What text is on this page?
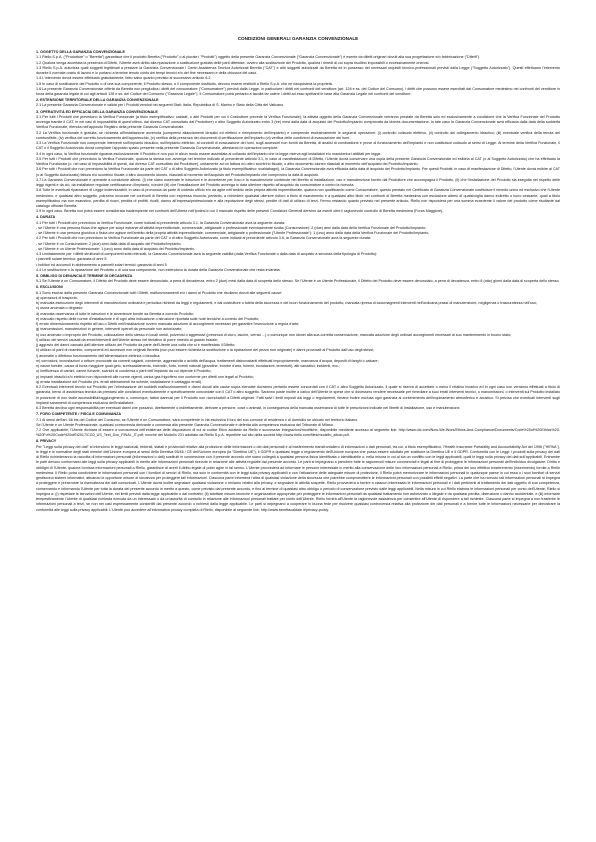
CONDIZIONI GENERALI GARANZIA CONVENZIONALE
1. OGGETTO DELLA GARANZIA CONVENZIONALE
1.1 Riello S.p.A. ("Produttore" o "Beretta") garantisce che il prodotto Beretta ("Prodotto" o al plurale i "Prodotti") oggetto della presente Garanzia Convenzionale ("Garanzia Convenzionale") è esente da difetti originari dovuti alla sua progettazione e/o fabbricazione ("Difetti").
1.2 Qualora venga accertata la presenza di Difetti, l'Utente avrà diritto alla riparazione o sostituzione gratuita delle parti difettose, ovvero alla sostituzione del Prodotto, qualora i rimedi di cui sopra risultino impossibili o eccessivamente onerosi.
1.3 Riello S.p.A. autorizza quali soggetti legittimati a prestare la Garanzia Convenzionale i Centri Assistenza Tecnica Autorizzati Beretta ("CAT") e altri soggetti autorizzati da Beretta ed in possesso dei necessari requisiti tecnico-professionali previsti dalla Legge ("Soggetto Autorizzato"). Questi effettuano l'intervento durante il normale orario di lavoro e lo portano a termine tenuto conto dei tempi tecnici e/o del fine necessario e della chiusura del caso.
1.4 L'intervento dovrà essere effettuato gratuitamente, fatto salvo quanto previsto al successivo articolo 6.2.
1.5 In caso di sostituzione del Prodotto o di una sua componente, il Prodotto stesso, o il componente sostituito, devono essere restituiti a Riello S.p.A. che ne riacquisterà la proprietà.
1.6 La presente Garanzia Convenzionale offerta da Beretta non pregiudica i diritti del consumatore ("Consumatore") previsti dalla Legge, in particolare i diritti nei confronti del venditore (art. 128 e ss. del Codice del Consumo), i diritti che possono essere esercitati dal Consumatore medesimo nei confronti del venditore in forza della garanzia legale di cui agli articoli 128 e ss. del Codice del Consumo ("Garanzia Legale"). Il Consumatore potrà pertanto a facoltà far valere i diritti ad esso spettanti in base alla Garanzia Legale nei confronti del venditore.
2. ESTENSIONE TERRITORIALE DELLA GARANZIA CONVENZIONALE
2.1 La presente Garanzia Convenzionale è valida per i Prodotti venduti nei seguenti Stati: Italia, Repubblica di S. Marino e Stato della Città del Vaticano.
3. OPERATIVITÀ ED EFFICACIA DELLA GARANZIA CONVENZIONALE
3.1 Per tutti i Prodotti che prevedono la Verifica Funzionale (a titolo esemplificativo: caldaie, o altri Prodotti per cui il Costruttore prevede la Verifica Funzionale), la attività oggetto della Garanzia Convenzionale verranno prestate da Beretta solo ed esclusivamente a condizione che la Verifica Funzionale del Prodotto avvenga tramite il CAT, in nei casi di impossibilità di quest'ultimo, dal diverso CAT consultato dal Produttore) o altro Soggetto Autorizzato entro 3 (tre) mesi dalla data di acquisto del Prodotto/Impianto comprovata da idonea documentazione. In tale caso la Garanzia Convenzionale avrà efficacia dalla data della suddetta Verifica Funzionale, ritenuta nell'apposito Registro della presente Garanzia Convenzionale.
3.2 La Verifica funzionale è gratuita, se richiesta all'installazione avvenuta (comprensi allacciamenti idraulici ed elettrici e riempimento dell'impianto) e comprende esclusivamente le seguenti operazioni: (i) controllo collaudo elettrico, (ii) controllo del collegamento idraulico; (iii) eventuale verifica della tenuta del combustibile, (iv) verifica del corretto funzionamento dell'apparecchio, (v) verifica della presenza dei documenti di certificazione dell'impianto (vi) verifica delle condizioni di evacuazione dei fumi.
3.3 La Verifica Funzionale non comprende interventi sull'impianto idraulico, sull'impianto elettrico, ai condotti di evacuazione dei fumi, sugli accessori non forniti da Beretta, di analisi di combustione e prove di funzionamento dell'impianto e non costituisce collaudo ai sensi di Legge. Al termine della Verifica Funzionale, il CAT o il Soggetto Autorizzato dovrà compilare l'apposito spazio presente nella presente Garanzia Convenzionale, attestando le operazioni compiute.
3.4 In ogni caso, la Verifica funzionale riguarda esclusivamente il Prodotto e non può in alcun modo essere assimilata al collaudo dell'impianto che la legge riserva agli installatori e/o manutentori abilitati per legge.
3.5 Per tutti i Prodotti che prevedono la Verifica Funzionale, qualora la stessa non avvenga nel termine indicato al precedente articolo 3.1, in caso di manifestazione di Difetto, l'Utente dovrà conservare una copia della presente Garanzia Convenzionale ed esibirla al CAT (o al Soggetto Autorizzato) che ha effettuato la Verifica Funzionale (o, nel caso di impossibilità di questi, dal diverso CAT consultato dal Produttore), unitamente ad un fattura e/o altro scontrino fiscale, o altro documento idoneo rilasciati al momento dell'acquisto del Prodotto/Impianto.
3.6 Per tutti i Prodotti che non prevedono la Verifica Funzionale da parte del CAT o di altro Soggetto Autorizzato (a titolo esemplificativo: scaldabagni), la Garanzia Convenzionale avrà efficacia dalla data di acquisto del Prodotto/Impianto. Per questi Prodotti, in caso di manifestazione di Difetto, l'Utente dovrà esibire al CAT (o al Soggetto Autorizzato) fattura e/o scontrino fiscale o altro documento idoneo, rilasciati al momento dell'acquisto del Prodotto/Impianto che comprovino la data di acquisto.
3.7 La Garanzia Convenzionale è operante a condizione altresì: (i) che siano osservate le istruzioni e le avvertenze per l'uso e la manutenzione contenute nel libretto di installazione, uso e manutenzione fornito dal Produttore che accompagna il Prodotto, (ii) che l'installazione del Prodotto sia eseguita nel rispetto delle leggi vigenti e da ciò, da installatore regolare certificazione d'impianto, nonché (iii) che l'installazione del Prodotto avvenga in data ulteriore rispetto all'acquisto da consumatore e contro la ricevuta.
3.8 Tutte le eventuali riparazioni di Legge indennizzabili, in caso di pronuncia da parte di codesto ufficio e/o da agire nell'ambito della propria attività imprenditoriale, qualora non qualificando come Consumatore, questo prestato nel Certificato di Garanzia Convenzionale costituisce il rimedio unico ed esclusivo che l'Utente medesimo, e qualsiasi altro soggetto, potranno invocare nei confronti di Beretta con espressa rinuncia, pertanto, a richiedere qualsiasi ulteriore ristoro a titolo di risarcimento e a qualsiasi altro titolo nei confronti di Beretta medesima con esclusione altresì di qualsivoglia danno indiretto o lucro cessante, quali a titolo esemplificativo ma non esaustivo, perdita di ricavi, perdita di profitti, ricalli, danno all'impresa/professionale e alla reputazione degli stessi, perdite di dati di utilizzo di terzi. Fermo restando quanto previsto nel presente articolo, Riello non risponderà per una somma eccedente il valore del prodotto come risultante dal catalogo ufficiale Beretta.
3.9 In ogni caso, Beretta non potrà essere considerata inadempiente nei confronti dell'Utente nell'ipotesi in cui il mancato rispetto delle presenti Condizioni Generali derivino da eventi oltre il ragionevole controllo di Beretta medesima (Forza Maggiore).
4. DURATA
4.1 Per tutti i Prodotti che prevedono la Verifica Funzionale, come indicati al precedente articolo 3.1, la Garanzia Convenzionale avrà la seguente durata:
- se l'Utente è una persona fisica che agisce per scopi estranei all'attività imprenditoriale, commerciale, artigianale o professionale eventualmente svolta (Consumatore): 2 (due) anni dalla data della Verifica Funzionale del Prodotto/Impianto;
- se l'Utente è una persona giuridica o fisica che agisce nell'ambito della propria attività imprenditoriale, commerciale, artigianale o professionale ("Utente Professionale"): 1 (uno) anno dalla data della Verifica Funzionale del Prodotto/Impianto.
4.2 Per tutti i Prodotti che non prevedono la Verifica Funzionale da parte del CAT o di altro Soggetto Autorizzato, come indicati al precedente articolo 3.6, la Garanzia Convenzionale avrà la seguente durata:
- se l'Utente è un Consumatore: 2 (due) anni dalla data di acquisto del Prodotto/Impianto;
- se l'Utente è un Utente Professionale: 1 (uno) anno dalla data di acquisto del Prodotto/Impianto.
4.3 Limitatamente per i difetti strutturali di componenti sotto elencati, la Garanzia Convenzionale avrà la seguente validità (dalla Verifica Funzionale o dalla data di acquisto a seconda della tipologia di Prodotto):
• pannelli solare termico: garanzia di anni 5
• bollitori ed accumuli in abbinamento a pannelli solari termici: garanzia di anni 5
4.4 Le sostituzione o la riparazione del Prodotto o di una sua componente, non estendono la durata della Garanzia Convenzionale che resta invariata.
5. OBBLIGO DI DENUNCIA E TERMINE DI DECADENZA
5.1 Se l'Utente è un Consumatore, il Difetto del Prodotto deve essere denunciato, a pena di decadenza, entro 2 (due) mesi dalla data di scoperta dello stesso. Se l'Utente è un Utente Professionale, il Difetto del Prodotto deve essere denunciato, a pena di decadenza, entro 8 (otto) giorni dalla data di scoperta dello stesso.
6. ESCLUSIONI
6.1 Sono esclusi dalla presente Garanzia Convenzionale tutti i Difetti, malfunzionamenti e/o i danni al Prodotto che risultano dovuti alle seguenti cause:
a) operazioni di trasporto;
b) mancata esecuzione degli interventi di manutenzione ordinaria e periodica richiesti da leggi e regolamenti, e dal costruttore o tutela della sicurezza e del buon funzionamento del prodotto, mancata ripresa di accomagnenti interventi nell'ordinaria prassi di manutenzione, negligenza o trascuratezza nell'uso;
c) usura anomala o degrado;
d) mancata osservanza di tutte le istruzioni e le avvertenze fornite da Beretta a corredo Prodotto;
e) mancato rispetto delle norme d'installazione e di ogni altra indicazione o istruzione riportata sulle note tecniche a corredo del Prodotto;
f) errato dimensionamento rispetto all'uso o Difetti nell'installazione ovvero mancata adozione di accorgimenti necessari per garantire l'esecuzione a regola d'arte;
g) manomissioni, manutenzioni in genere, interventi operati da personale non autorizzato;
h) uso anomalo o improprio del Prodotto, collocazione dello stesso in locali umidi, polverosi o aggressivi (presenza di cloro, lacche, vernici ...) o comunque non idonei alla sua corretta conservazione, mancata adozione degli ordinari accorgimenti necessari al suo mantenimento in buono stato;
i) utilizzo dei servizi causati da errori/interventi dell'Utente stesso nel tentativo di porre rimedio al guasto iniziale;
j) aggravio dei danni causato dall'ulteriore utilizzo del Prodotto da parte dell'Utente una volta che si è manifestato il Difetto;
k) utilizzo di parti di ricambio, componenti ed accessori non originali Beretta (non può essere richiesta la sostituzione o la riparazione del pezzo non originale) e danni provocati al Prodotto dall'uso degli stessi;
l) anomalie o difettoso funzionamento dell'alimentazione elettrica o idraulica;
m) corrosioni, incrostazioni o rotture provocate da correnti vaganti, condense, aggressività o acidità dell'acqua, trattamenti disincrostanti effettuati impropriamente, mancanza d'acqua, depositi di fanghi o calcare;
n) cause fortuite, cause di forza maggiore quali gelo, surriscaldamento, incendio, furto, eventi naturali (grandine, trombe d'aria, fulmini, inondazioni, terremoti), atti vandalici, incidenti, ecc.;
o) inefficienza di camini, canne fumarie, scarichi di condensa o parti dell'impianto da cui dipende il Prodotto;
p) impianti idraulici e/o elettrici non rispondenti alle norme vigenti, carica gas frigorifero non conforme per difetti non legati al Prodotto;
q) errata installazione del Prodotto (es. errati abbinamenti tra schede, installazione e cablaggio errati).
6.2 Eventuali interventi tecnici sul Prodotto per l'eliminazione dei suddetti malfunzionamenti e danni dovuti alle cause sopra elencate dovranno pertanto essere concordati con il CAT o altro Soggetto Autorizzato, il quale si riserva di accettare o meno il relativo incarico ed in ogni caso non verranno effettuati a titolo di garanzia, bensì di assistenza tecnica da prestarsi alle condizioni eventualmente e specificamente concordate con il CAT o altro soggetto. Saranno poste inoltre a carico dell'Utente le spese che si dovessero rendere necessarie per rimediare a suoi errati interventi tecnici, o manomissioni, o interventi sul Prodotto installato in posizione di non facile accessibilità/raggiungimento o, comunque, fattori dannosi per il Prodotto non riconducibili a Difetti originari. Fatti salvi i limiti imposti dai leggi o regolamenti, rimane inoltre esclusa ogni garanzia al contenimento dell'inquinamento atmosferico e acustico. Si precisa che eventuali interventi sugli impianti sanamenti di competenza esclusiva dell'Installatore.
6.3 Beretta declina ogni responsabilità per eventuali danni che possano, direttamente o indirettamente, derivare a persone, cose o animali, in conseguenza della mancata osservanza di tutte le prescrizioni indicate nei libretti di installazione, uso e manutenzione.
7. FORO COMPETENTE / FISCA E COMUNIANZA
7.1 Ai sensi dell'art. 66 bis del Codice del Consumo, se l'Utente è un Consumatore, sarà competente in via esclusiva il foro del suo comune di residenza o di domicilio se ubicato nel territorio italiano.
Se l'Utente è un Utente Professionale, qualsiasi controversia derivante o connessa alla presente Garanzia Convenzionale è deferita alla competenza esclusiva del Tribunale di Milano.
7.2 Ove applicabile, l'Utente dichiara di essere a conoscenza dell'esistenza delle disposizioni di cui al codice Etico adottato da Riello e successive integrazioni/modifiche, disponibile mediante accesso al seguente link: http://www.utc.com/Now-We-Work/Ethics-And-Compliance/Documents/Code%20of%20Ethics%20-%20Fu%20Code%20ofEt2017/CG0_US_Text_Doc_FINAL_IT.pdf; nonché del Modello 231 adottato da Riello S.p.A. reperibile sul sito della società http://www.riello.com/files/modello_attoio.pdf.
8. PRIVACY
Per "Leggi sulla privacy dei dati" si intendono le leggi nazionali, federali, statali e provinciali relative alla protezione delle informazioni o dei dati personali e al trasferimento transfrontaliero di informazioni o dati personali, tra cui, a titolo esemplificativo, l'Health Insurance Portability and Accountability Act del 1996 ("HIPAA"), le leggi e le normative degli stati membri dell'Unione europea ai sensi della Direttiva 95/46 / CE dell'Unione europea (la "Direttiva UE"), il GDPR e qualsiasi legge o regolamento dell'Unione europea che possa essere adottato per sostituire la Direttiva UE e il GDPR. Conformità con le Leggi: i prodotti sulla privacy dei dati di Riello richiederanno la raccolta di informazioni personali (informazioni o dati) sostituiti in connessione con il presente accordo che siano collegati a qualsiasi persona fisica identificata o identificabile o, nella misura in cui al sia un conflitto con le leggi applicabili, quali le leggi sulla privacy dei dati sull'applicabili. Entrambe le parti devono conformarsi alle leggi sulla privacy applicabili in merito alle informazioni personali ricevute in relazione alle attività regolate dal presente accordo. Le parti si impegnano a prendere tutte le ragionevoli misure commerciali e legali al fine di proteggere le informazioni personali dell'Individuo divulgatore. Diritto e obblighi di l'Utente, qualora fornisca informazioni personali a Riello, garantisce di averli il diritto legale di poter agire in tal senso. L'Utente provvederà ad informare le persone interessate in merito alla conservazione delle loro informazioni personali a Riello, prima del loro effettivo trasferimento (inserimento) fornite a Riello medesima. Il Riello potrà condividere le informazioni personali con i fornitori di servizi di Riello, ma solo in conformità con le leggi sulla privacy applicabili e con l'attuazione delle adeguate misure di protezione, il Riello potrà memorizzare le informazioni personali in qualunque paese in cui essa o i suoi fornitori di servizi gestiscono sistemi informatici, attuando le opportune misure di sicurezza per proteggere tali informazioni. Ciascuna parte informerà l'altra di qualsiasi violazione della sicurezza che potrebbe compromettere le informazioni personali con possibili effetti negativi. La parte che ha ricevuto tali informazioni personali si impegna a proteggere e preservare la riservatezza dei dati comunicati. L'Utente dovrà inoltre segnalare qualsiasi violazione o reclamo relativi alla privacy, e segnalare le attività sospette. Riello provvederà a fornire a ciascun interessato le informazioni personali e i dati pertinenti al trattamento dei dati oggetto di sua competenza, conservando e informando l'Utente per tutta la durata del presente accordo in merito a questo, come previsto dal presente accordo, e fino al termine di qualsiasi altro obbligo o periodo di conservazione previsto dalle leggi applicabili. Nella misura in cui Riello elabora le informazioni personali per conto dell'Utente, Riello si impegna a: (i) rispettare le istruzioni dell'Utente, nei limiti previsti dalla legge applicabile o dal contratto; (ii) adottare misure tecniche e organizzative appropriate per proteggere le informazioni personali da qualsiasi trattamento non autorizzato o illegale e da qualsiasi perdita, distruzione o danno accidentale, e (iii) informare tempestivamente l'Utente di qualsiasi richiesta ricevuta da un interessato o da un'autorità di controllo in relazione alle informazioni personali trattate per conto dell'Utente. Riello fornirà all'Utente la ragionevole assistenza per consentire all'Utente di rispondere a tali richieste. Ciascuna parte si impegna a non trasferire le informazioni personali a terzi, se non nei casi espressamente consentiti dal presente accordo o richiesti dalla legge applicabile. Le parti si impegnano a cooperare in buona fede per risolvere qualsiasi controversia relativa alla protezione dei dati personali e a fornire tutte le informazioni necessarie per dimostrare la conformità alle leggi sulla privacy applicabili. L'Utente può accedere all'informativa privacy completa di Riello, disponibile al seguente link: http://www.berettacaldaie.it/privacy-policy.
